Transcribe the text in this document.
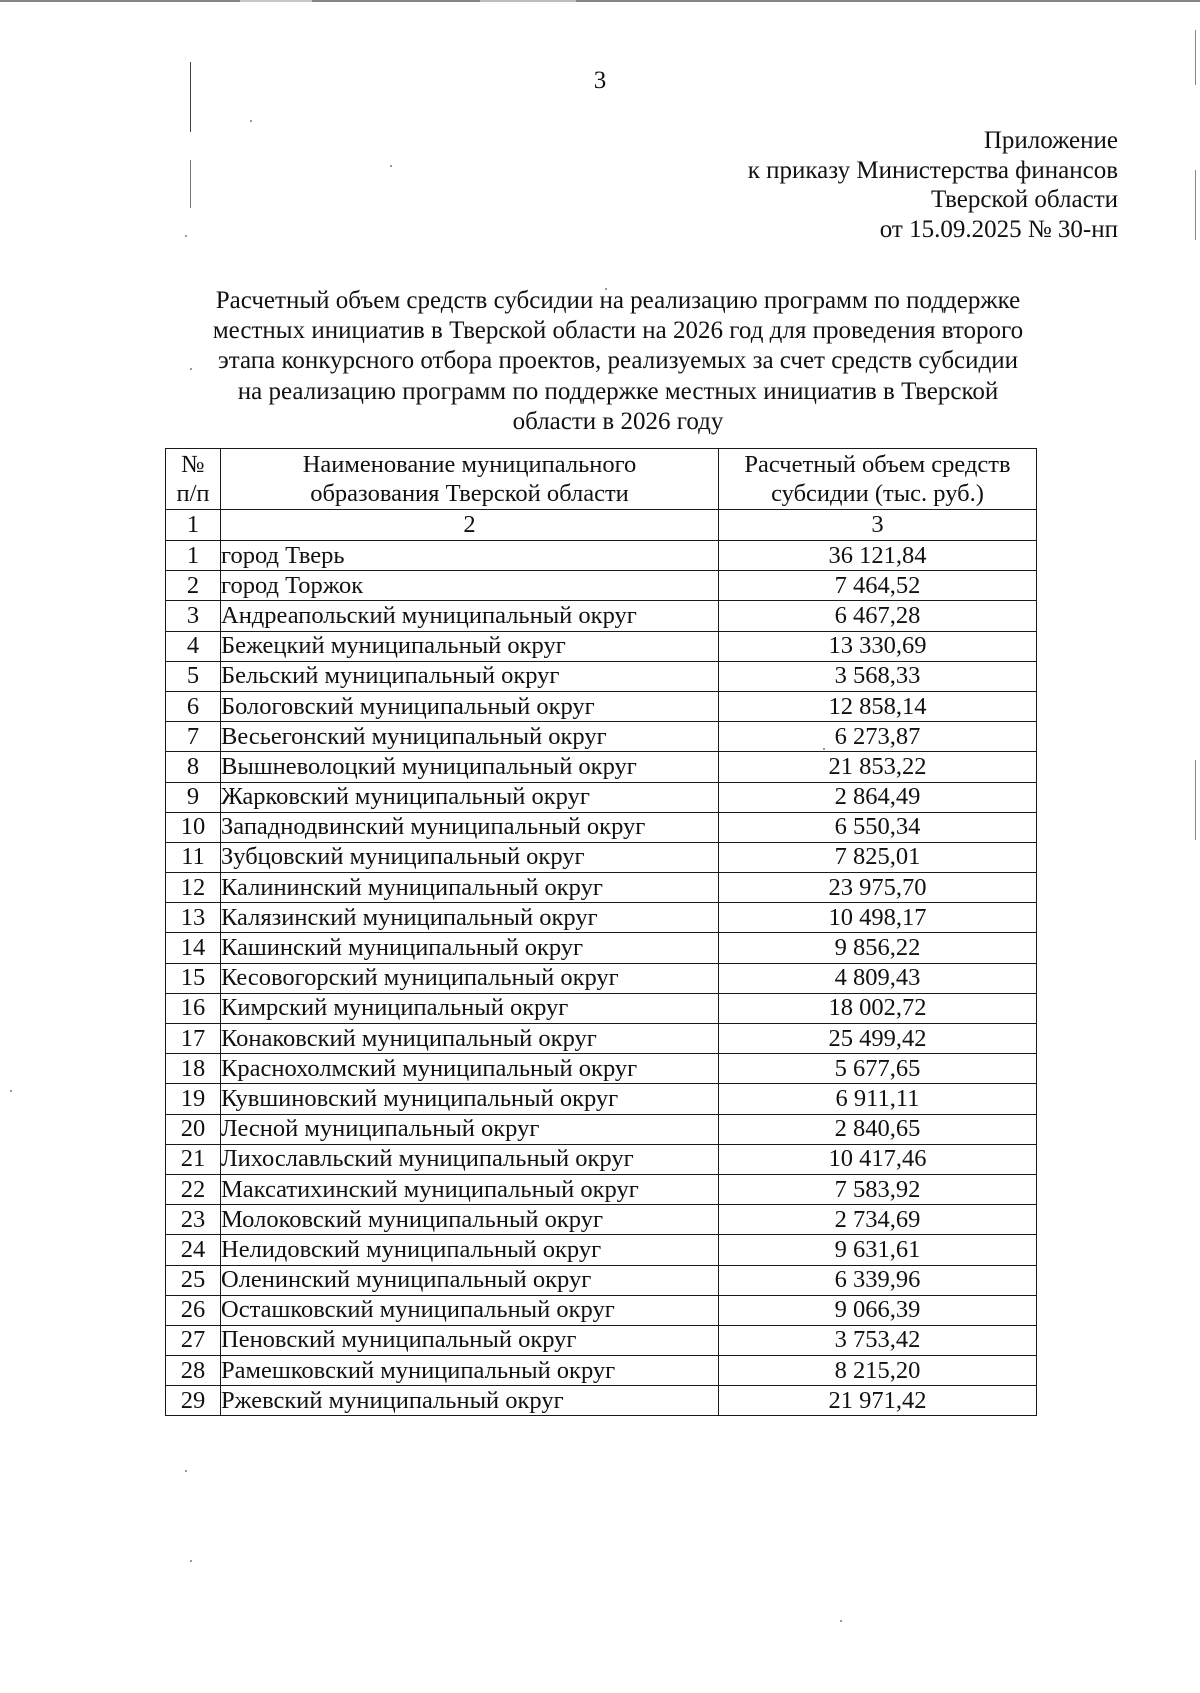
3
Приложение
к приказу Министерства финансов
Тверской области
от 15.09.2025 № 30-нп
Расчетный объем средств субсидии на реализацию программ по поддержке
местных инициатив в Тверской области на 2026 год для проведения второго
этапа конкурсного отбора проектов, реализуемых за счет средств субсидии
на реализацию программ по поддержке местных инициатив в Тверской
области в 2026 году
№
п/п

Наименование муниципального
образования Тверской области

Расчетный объем средств
субсидии (тыс. руб.)

1	2	3
1	город Тверь	36 121,84
2	город Торжок	7 464,52
3	Андреапольский муниципальный округ	6 467,28
4	Бежецкий муниципальный округ	13 330,69
5	Бельский муниципальный округ	3 568,33
6	Бологовский муниципальный округ	12 858,14
7	Весьегонский муниципальный округ	6 273,87
8	Вышневолоцкий муниципальный округ	21 853,22
9	Жарковский муниципальный округ	2 864,49
10	Западнодвинский муниципальный округ	6 550,34
11	Зубцовский муниципальный округ	7 825,01
12	Калининский муниципальный округ	23 975,70
13	Калязинский муниципальный округ	10 498,17
14	Кашинский муниципальный округ	9 856,22
15	Кесовогорский муниципальный округ	4 809,43
16	Кимрский муниципальный округ	18 002,72
17	Конаковский муниципальный округ	25 499,42
18	Краснохолмский муниципальный округ	5 677,65
19	Кувшиновский муниципальный округ	6 911,11
20	Лесной муниципальный округ	2 840,65
21	Лихославльский муниципальный округ	10 417,46
22	Максатихинский муниципальный округ	7 583,92
23	Молоковский муниципальный округ	2 734,69
24	Нелидовский муниципальный округ	9 631,61
25	Оленинский муниципальный округ	6 339,96
26	Осташковский муниципальный округ	9 066,39
27	Пеновский муниципальный округ	3 753,42
28	Рамешковский муниципальный округ	8 215,20
29	Ржевский муниципальный округ	21 971,42
